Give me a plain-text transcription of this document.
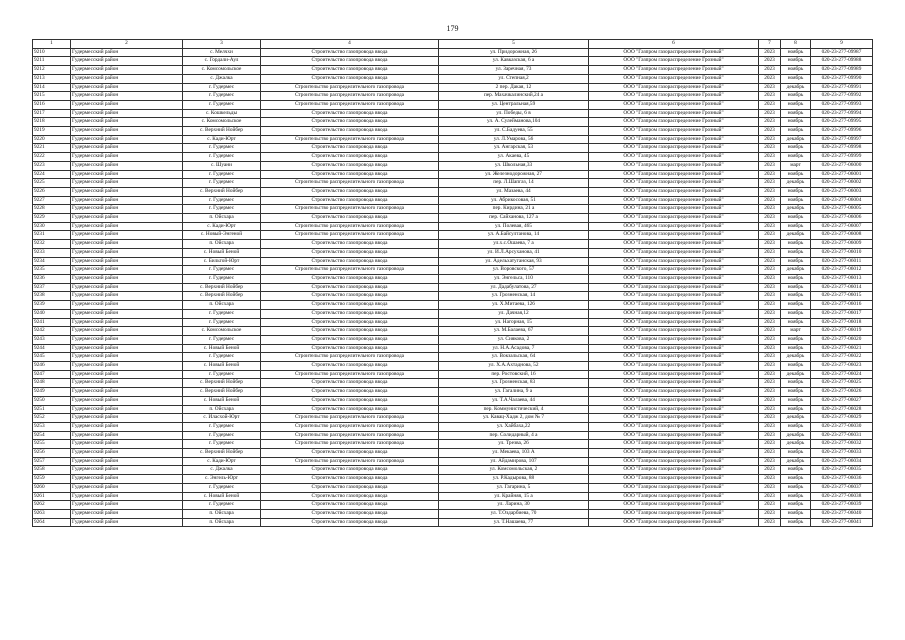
179
1	2	3	4	5	6	7	8	9
9210	Гудермесский район	с. Мелчхи	Строительство газопровода ввода	ул. Придорожная, 26	ООО "Газпром газораспределение Грозный"	2023	ноябрь	020-23-277-09987
9211	Гудермесский район	с. Гордали-Аул	Строительство газопровода ввода	ул. Кавказская, 6 а	ООО "Газпром газораспределение Грозный"	2023	ноябрь	020-23-277-09988
9212	Гудермесский район	с. Комсомольское	Строительство газопровода ввода	ул. Заречная, 73	ООО "Газпром газораспределение Грозный"	2023	ноябрь	020-23-277-09989
9213	Гудермесский район	с. Джалка	Строительство газопровода ввода	ул. Степная,2	ООО "Газпром газораспределение Грозный"	2023	ноябрь	020-23-277-09990
9214	Гудермесский район	г. Гудермес	Строительство распределительного газопровода	2 пер. Дакая, 12	ООО "Газпром газораспределение Грозный"	2023	декабрь	020-23-277-09991
9215	Гудермесский район	г. Гудермес	Строительство распределительного газопровода	пер. Махачкалинский,24 а	ООО "Газпром газораспределение Грозный"	2023	ноябрь	020-23-277-09992
9216	Гудермесский район	г. Гудермес	Строительство распределительного газопровода	ул. Центральная,59	ООО "Газпром газораспределение Грозный"	2023	ноябрь	020-23-277-09993
9217	Гудермесский район	с. Кошкельды	Строительство газопровода ввода	ул. Победы, 6 в	ООО "Газпром газораспределение Грозный"	2023	ноябрь	020-23-277-09994
9218	Гудермесский район	с. Комсомольское	Строительство газопровода ввода	ул. А. Сулейманова,104	ООО "Газпром газораспределение Грозный"	2023	ноябрь	020-23-277-09995
9219	Гудермесский район	с. Верхний Нойбер	Строительство газопровода ввода	ул. С.Бадуева, 55	ООО "Газпром газораспределение Грозный"	2023	ноябрь	020-23-277-09996
9220	Гудермесский район	с. Кади-Юрт	Строительство распределительного газопровода	ул. Л.Умарова, 56	ООО "Газпром газораспределение Грозный"	2023	декабрь	020-23-277-09997
9221	Гудермесский район	г. Гудермес	Строительство газопровода ввода	ул. Ангарская, 53	ООО "Газпром газораспределение Грозный"	2023	ноябрь	020-23-277-09998
9222	Гудермесский район	г. Гудермес	Строительство газопровода ввода	ул. Акаева, 45	ООО "Газпром газораспределение Грозный"	2023	ноябрь	020-23-277-09999
9223	Гудермесский район	с. Шуани	Строительство газопровода ввода	ул. Школьная,33	ООО "Газпром газораспределение Грозный"	2023	март	020-23-277-06000
9224	Гудермесский район	г. Гудермес	Строительство газопровода ввода	ул. Железнодорожная, 27	ООО "Газпром газораспределение Грозный"	2023	ноябрь	020-23-277-06001
9225	Гудермесский район	г. Гудермес	Строительство распределительного газопровода	пер. Л.Шапгаз, 14	ООО "Газпром газораспределение Грозный"	2023	декабрь	020-23-277-06002
9226	Гудермесский район	с. Верхний Нойбер	Строительство газопровода ввода	ул. Мазаева, 44	ООО "Газпром газораспределение Грозный"	2023	ноябрь	020-23-277-06003
9227	Гудермесский район	г. Гудермес	Строительство газопровода ввода	ул. Абрикосовая, 51	ООО "Газпром газораспределение Грозный"	2023	ноябрь	020-23-277-06004
9228	Гудермесский район	г. Гудермес	Строительство распределительного газопровода	пер. Кирдина, 21 а	ООО "Газпром газораспределение Грозный"	2023	декабрь	020-23-277-06005
9229	Гудермесский район	п. Ойсхара	Строительство газопровода ввода	пер. Сайханова, 127 а	ООО "Газпром газораспределение Грозный"	2023	ноябрь	020-23-277-06006
9230	Гудермесский район	с. Кади-Юрт	Строительство распределительного газопровода	ул. Полевая, 465	ООО "Газпром газораспределение Грозный"	2023	ноябрь	020-23-277-06007
9231	Гудермесский район	с. Новый-Энгеной	Строительство распределительного газопровода	ул. А.Байсултанова, 14	ООО "Газпром газораспределение Грозный"	2023	декабрь	020-23-277-06008
9232	Гудермесский район	п. Ойсхара	Строительство газопровода ввода	ул.х.с.Ошаева, 7 а	ООО "Газпром газораспределение Грозный"	2023	ноябрь	020-23-277-06009
9233	Гудермесский район	с. Новый Беной	Строительство газопровода ввода	ул. И.Л.Арсуханова, 41	ООО "Газпром газораспределение Грозный"	2023	ноябрь	020-23-277-06010
9234	Гудермесский район	с. Бильтой-Юрт	Строительство газопровода ввода	ул. Адельхатуганская, 93	ООО "Газпром газораспределение Грозный"	2023	ноябрь	020-23-277-06011
9235	Гудермесский район	г. Гудермес	Строительство распределительного газопровода	ул. Воровского, 57	ООО "Газпром газораспределение Грозный"	2023	декабрь	020-23-277-06012
9236	Гудермесский район	г. Гудермес	Строительство газопровода ввода	ул. Энгельса, 110	ООО "Газпром газораспределение Грозный"	2023	ноябрь	020-23-277-06013
9237	Гудермесский район	с. Верхний Нойбер	Строительство газопровода ввода	ул. Дадабулатова, 27	ООО "Газпром газораспределение Грозный"	2023	ноябрь	020-23-277-06014
9238	Гудермесский район	с. Верхний Нойбер	Строительство газопровода ввода	ул. Грозненская, 14	ООО "Газпром газораспределение Грозный"	2023	ноябрь	020-23-277-06015
9239	Гудермесский район	п. Ойсхара	Строительство газопровода ввода	ул. Х.Митаева, 126	ООО "Газпром газораспределение Грозный"	2023	ноябрь	020-23-277-06016
9240	Гудермесский район	г. Гудермес	Строительство газопровода ввода	ул. Дачная,12	ООО "Газпром газораспределение Грозный"	2023	ноябрь	020-23-277-06017
9241	Гудермесский район	г. Гудермес	Строительство газопровода ввода	ул. Нагорная, 15	ООО "Газпром газораспределение Грозный"	2023	ноябрь	020-23-277-06018
9242	Гудермесский район	с. Комсомольское	Строительство газопровода ввода	ул. М.Балаева, 67	ООО "Газпром газораспределение Грозный"	2023	март	020-23-277-06019
9243	Гудермесский район	г. Гудермес	Строительство газопровода ввода	ул. Сиякова, 2	ООО "Газпром газораспределение Грозный"	2023	ноябрь	020-23-277-06020
9244	Гудермесский район	с. Новый Беной	Строительство газопровода ввода	ул. Н.А.Асадова, 7	ООО "Газпром газораспределение Грозный"	2023	ноябрь	020-23-277-06021
9245	Гудермесский район	г. Гудермес	Строительство распределительного газопровода	ул. Вокзальская, 64	ООО "Газпром газораспределение Грозный"	2023	декабрь	020-23-277-06022
9246	Гудермесский район	с. Новый Беной	Строительство газопровода ввода	ул. Х.А.Ахтаднова, 52	ООО "Газпром газораспределение Грозный"	2023	ноябрь	020-23-277-06023
9247	Гудермесский район	г. Гудермес	Строительство распределительного газопровода	пер. Ростовский, 16	ООО "Газпром газораспределение Грозный"	2023	декабрь	020-23-277-06024
9248	Гудермесский район	с. Верхний Нойбер	Строительство газопровода ввода	ул. Грозненская, 83	ООО "Газпром газораспределение Грозный"	2023	ноябрь	020-23-277-06025
9249	Гудермесский район	с. Верхний Нойбер	Строительство газопровода ввода	ул. Гагалина, 9 а	ООО "Газпром газораспределение Грозный"	2023	ноябрь	020-23-277-06026
9250	Гудермесский район	с. Новый Беной	Строительство газопровода ввода	ул. Т.А.Чалаева, 44	ООО "Газпром газораспределение Грозный"	2023	ноябрь	020-23-277-06027
9251	Гудермесский район	п. Ойсхара	Строительство газопровода ввода	пер. Коммунистический, 4	ООО "Газпром газораспределение Грозный"	2023	ноябрь	020-23-277-06028
9252	Гудермесский район	с. Иласхой-Юрт	Строительство распределительного газопровода	ул. Кавац-Хадж 2, дом № 7	ООО "Газпром газораспределение Грозный"	2023	декабрь	020-23-277-06029
9253	Гудермесский район	г. Гудермес	Строительство распределительного газопровода	ул. Хайбаха,22	ООО "Газпром газораспределение Грозный"	2023	ноябрь	020-23-277-06030
9254	Гудермесский район	г. Гудермес	Строительство распределительного газопровода	пер. Солидарный, 4 а	ООО "Газпром газораспределение Грозный"	2023	декабрь	020-23-277-06031
9255	Гудермесский район	г. Гудермес	Строительство распределительного газопровода	ул. Трезва, 26	ООО "Газпром газораспределение Грозный"	2023	декабрь	020-23-277-06032
9256	Гудермесский район	с. Верхний Нойбер	Строительство газопровода ввода	ул. Мекаева, 103 А	ООО "Газпром газораспределение Грозный"	2023	ноябрь	020-23-277-06033
9257	Гудермесский район	с. Кади-Юрт	Строительство распределительного газопровода	ул. Айдамирова, 107	ООО "Газпром газораспределение Грозный"	2023	декабрь	020-23-277-06034
9258	Гудермесский район	с. Джалка	Строительство газопровода ввода	ул. Комсомольская, 2	ООО "Газпром газораспределение Грозный"	2023	ноябрь	020-23-277-06035
9259	Гудермесский район	с. Энгель-Юрт	Строительство газопровода ввода	ул. Р.Кадырова, 88	ООО "Газпром газораспределение Грозный"	2023	ноябрь	020-23-277-06036
9260	Гудермесский район	г. Гудермес	Строительство газопровода ввода	ул. Гагарина, 5	ООО "Газпром газораспределение Грозный"	2023	ноябрь	020-23-277-06037
9261	Гудермесский район	с. Новый Беной	Строительство газопровода ввода	ул. Крайняя, 15 а	ООО "Газпром газораспределение Грозный"	2023	ноябрь	020-23-277-06038
9262	Гудермесский район	г. Гудермес	Строительство газопровода ввода	ул. Ларина, 30	ООО "Газпром газораспределение Грозный"	2023	ноябрь	020-23-277-06039
9263	Гудермесский район	п. Ойсхара	Строительство газопровода ввода	ул. Т.Оздарбиева, 70	ООО "Газпром газораспределение Грозный"	2023	ноябрь	020-23-277-06040
9264	Гудермесский район	п. Ойсхара	Строительство газопровода ввода	ул. Т.Нашаева, 77	ООО "Газпром газораспределение Грозный"	2023	ноябрь	020-23-277-06041
